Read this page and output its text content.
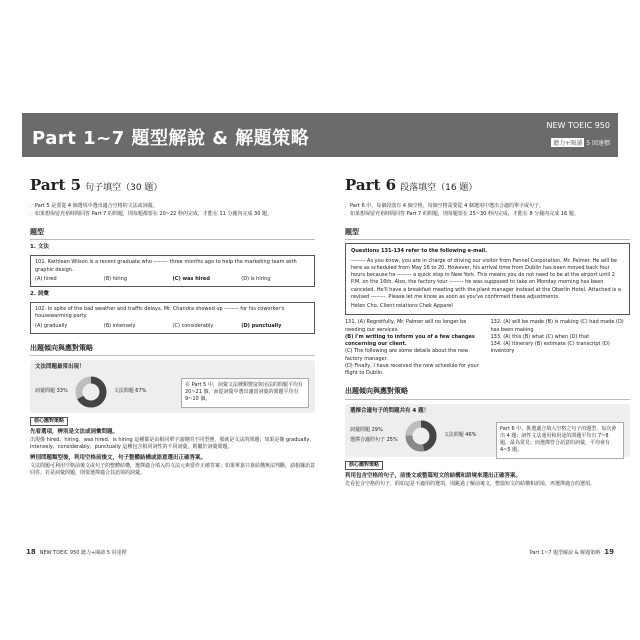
Part 1~7 題型解說 & 解題策略
NEW TOEIC 950
聽力+閱讀 5 回達標
Part 5 句子填空（30 題）
．Part 5 是要從 4 個選項中選出適合空格的文法或詞彙。
．如果想保留充裕時間回答 Part 7 的問題，則每題都要在 20~22 秒內完成，才能在 11 分鐘內完成 30 題。
題型
1. 文法
101. Kathleen Wilson is a recent graduate who -------- three months ago to help the marketing team with graphic design.
(A) hired	(B) hiring	(C) was hired	(D) is hiring
2. 詞彙
102. In spite of the bad weather and traffic delays, Mr. Chandra showed up -------- for his coworker's housewarming party.
(A) gradually	(B) intensely	(C) considerably	(D) punctually
出題傾向與應對策略
文法問題最常出現！
詞彙問題 33%	文法問題 67%
在 Part 5 中，詞彙文法種類豐富與用法的問題平均有 20~21 個，而從詞彙中選出適當詞彙的問題平均有 9~10 個。
核心應對策略
先看選項，辨別是文法或詞彙問題。
出現像 hired、hiring、was hired、is hiring 這種都是由相同單字演變的不同型態，那就是文法的問題；如果是像 gradually、intensely、considerably、punctually 這種包含相同詞性的不同詞彙，則屬於詞彙問題。
辨別問題類型後，利用空格前後文，句子整體結構或語意選出正確答案。
文法問題可利用空格前後文或句子的整體結構，選擇適合填入的文法元素當作正確答案；如果單靠只靠結構無法判斷，請根據語意回答。若是詞彙問題，則要選擇適合其語境的詞彙。
Part 6 段落填空（16 題）
．Part 6 中，每個段落有 4 個空格，每個空格需要從 4 個選項中選出合適的單字或句子。
．如果想保留充裕時間回答 Part 7 的問題，則每題要在 25~30 秒內完成，才能在 8 分鐘內完成 16 題。
題型
Questions 131-134 refer to the following e-mail.
-------- As you know, you are in charge of driving our visitor from Fennel Corporation, Mr. Palmer. He will be here as scheduled from May 16 to 20. However, his arrival time from Dublin has been moved back four hours because he -------- a quick stop in New York. This means you do not need to be at the airport until 2 P.M. on the 16th. Also, the factory tour -------- he was supposed to take on Monday morning has been canceled. He'll have a breakfast meeting with the plant manager instead at the Oberlin Hotel. Attached is a revised --------. Please let me know as soon as you've confirmed these adjustments.
Helen Cho, Client relations Chek Apparel
131. (A) Regretfully, Mr. Palmer will no longer be needing our services.
(B) I'm writing to inform you of a few changes concerning our client.
(C) The following are some details about the new factory manager.
(D) Finally, I have received the new schedule for your flight to Dublin.
132. (A) will be made (B) is making (C) had made (D) has been making
133. (A) this (B) what (C) when (D) that
134. (A) itinerary (B) estimate (C) transcript (D) inventory
出題傾向與應對策略
選擇合適句子的問題共有 4 題！
詞彙問題 29%
選擇合適的句子 25%
文法問題 46%
Part 6 中，挑選適合填入空格之句子的題型，每次會出 4 題；詞性文法運用和用途的問題平均有 7~8 題，最為常見；而選擇符合語意的詞彙，平均會有 4~5 題。
核心應對策略
利用包含空格的句子，前後文或整篇短文的結構和語境來選出正確答案。
先看包含空格的句子，假如這是不適用的選項，則跳過了解前後文，整篇短文的結構和語境，再選擇適合的選項。
18 NEW TOEIC 950 聽力+閱讀 5 回達標	Part 1~7 題型解說 & 解題策略 19
